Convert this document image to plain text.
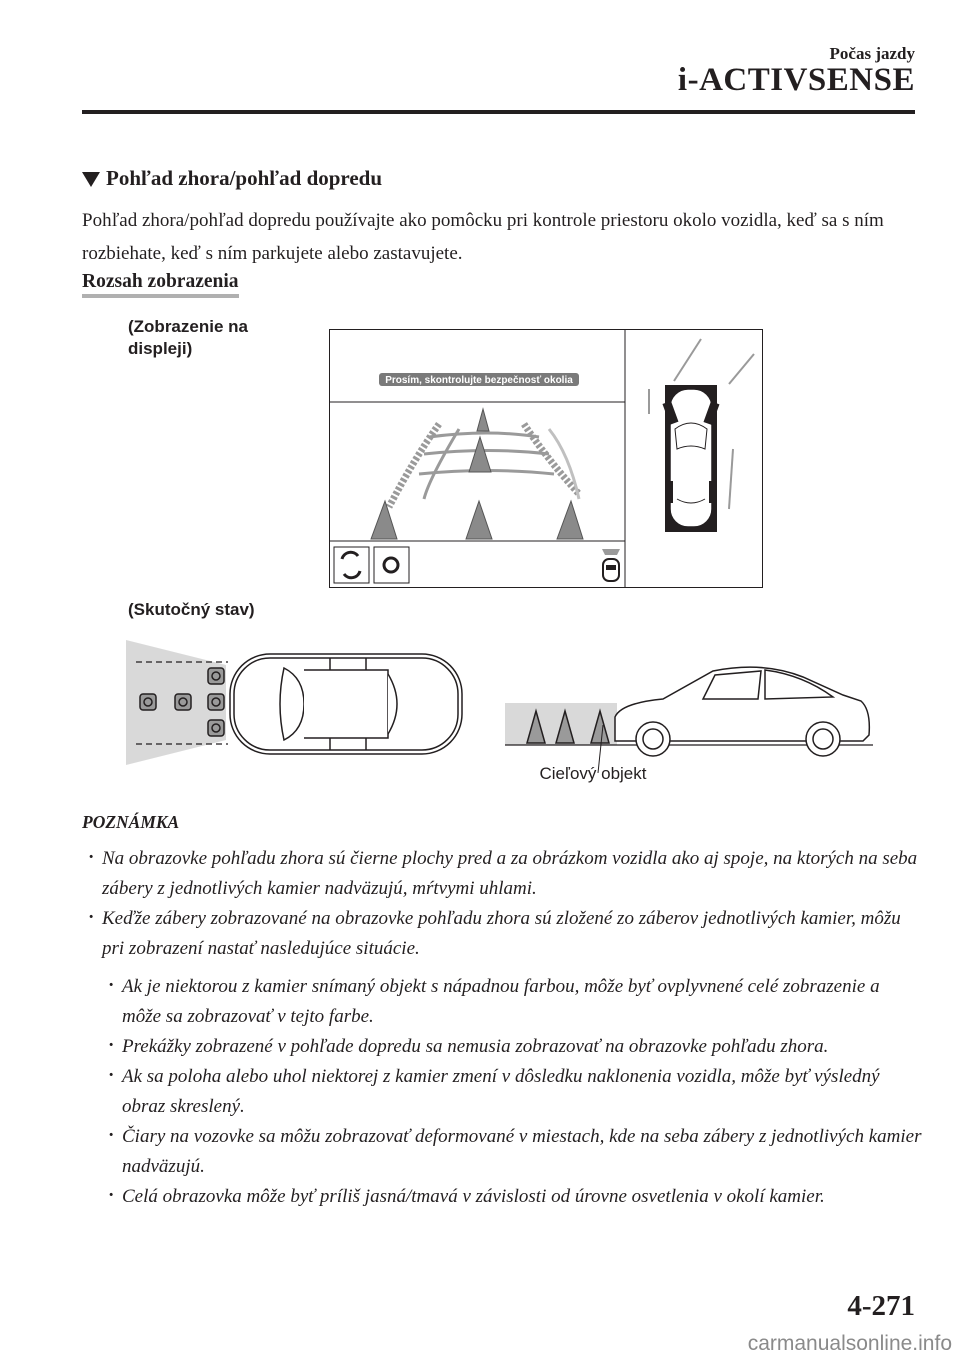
Počas jazdy
i-ACTIVSENSE
Pohľad zhora/pohľad dopredu
Pohľad zhora/pohľad dopredu používajte ako pomôcku pri kontrole priestoru okolo vozidla, keď sa s ním rozbiehate, keď s ním parkujete alebo zastavujete.
Rozsah zobrazenia
(Zobrazenie na displeji)
Prosím, skontrolujte bezpečnosť okolia
(Skutočný stav)
Cieľový objekt
POZNÁMKA
· Na obrazovke pohľadu zhora sú čierne plochy pred a za obrázkom vozidla ako aj spoje, na ktorých na seba zábery z jednotlivých kamier nadväzujú, mŕtvymi uhlami.
· Keďže zábery zobrazované na obrazovke pohľadu zhora sú zložené zo záberov jednotlivých kamier, môžu pri zobrazení nastať nasledujúce situácie.
· Ak je niektorou z kamier snímaný objekt s nápadnou farbou, môže byť ovplyvnené celé zobrazenie a môže sa zobrazovať v tejto farbe.
· Prekážky zobrazené v pohľade dopredu sa nemusia zobrazovať na obrazovke pohľadu zhora.
· Ak sa poloha alebo uhol niektorej z kamier zmení v dôsledku naklonenia vozidla, môže byť výsledný obraz skreslený.
· Čiary na vozovke sa môžu zobrazovať deformované v miestach, kde na seba zábery z jednotlivých kamier nadväzujú.
· Celá obrazovka môže byť príliš jasná/tmavá v závislosti od úrovne osvetlenia v okolí kamier.
4-271
carmanualsonline.info
